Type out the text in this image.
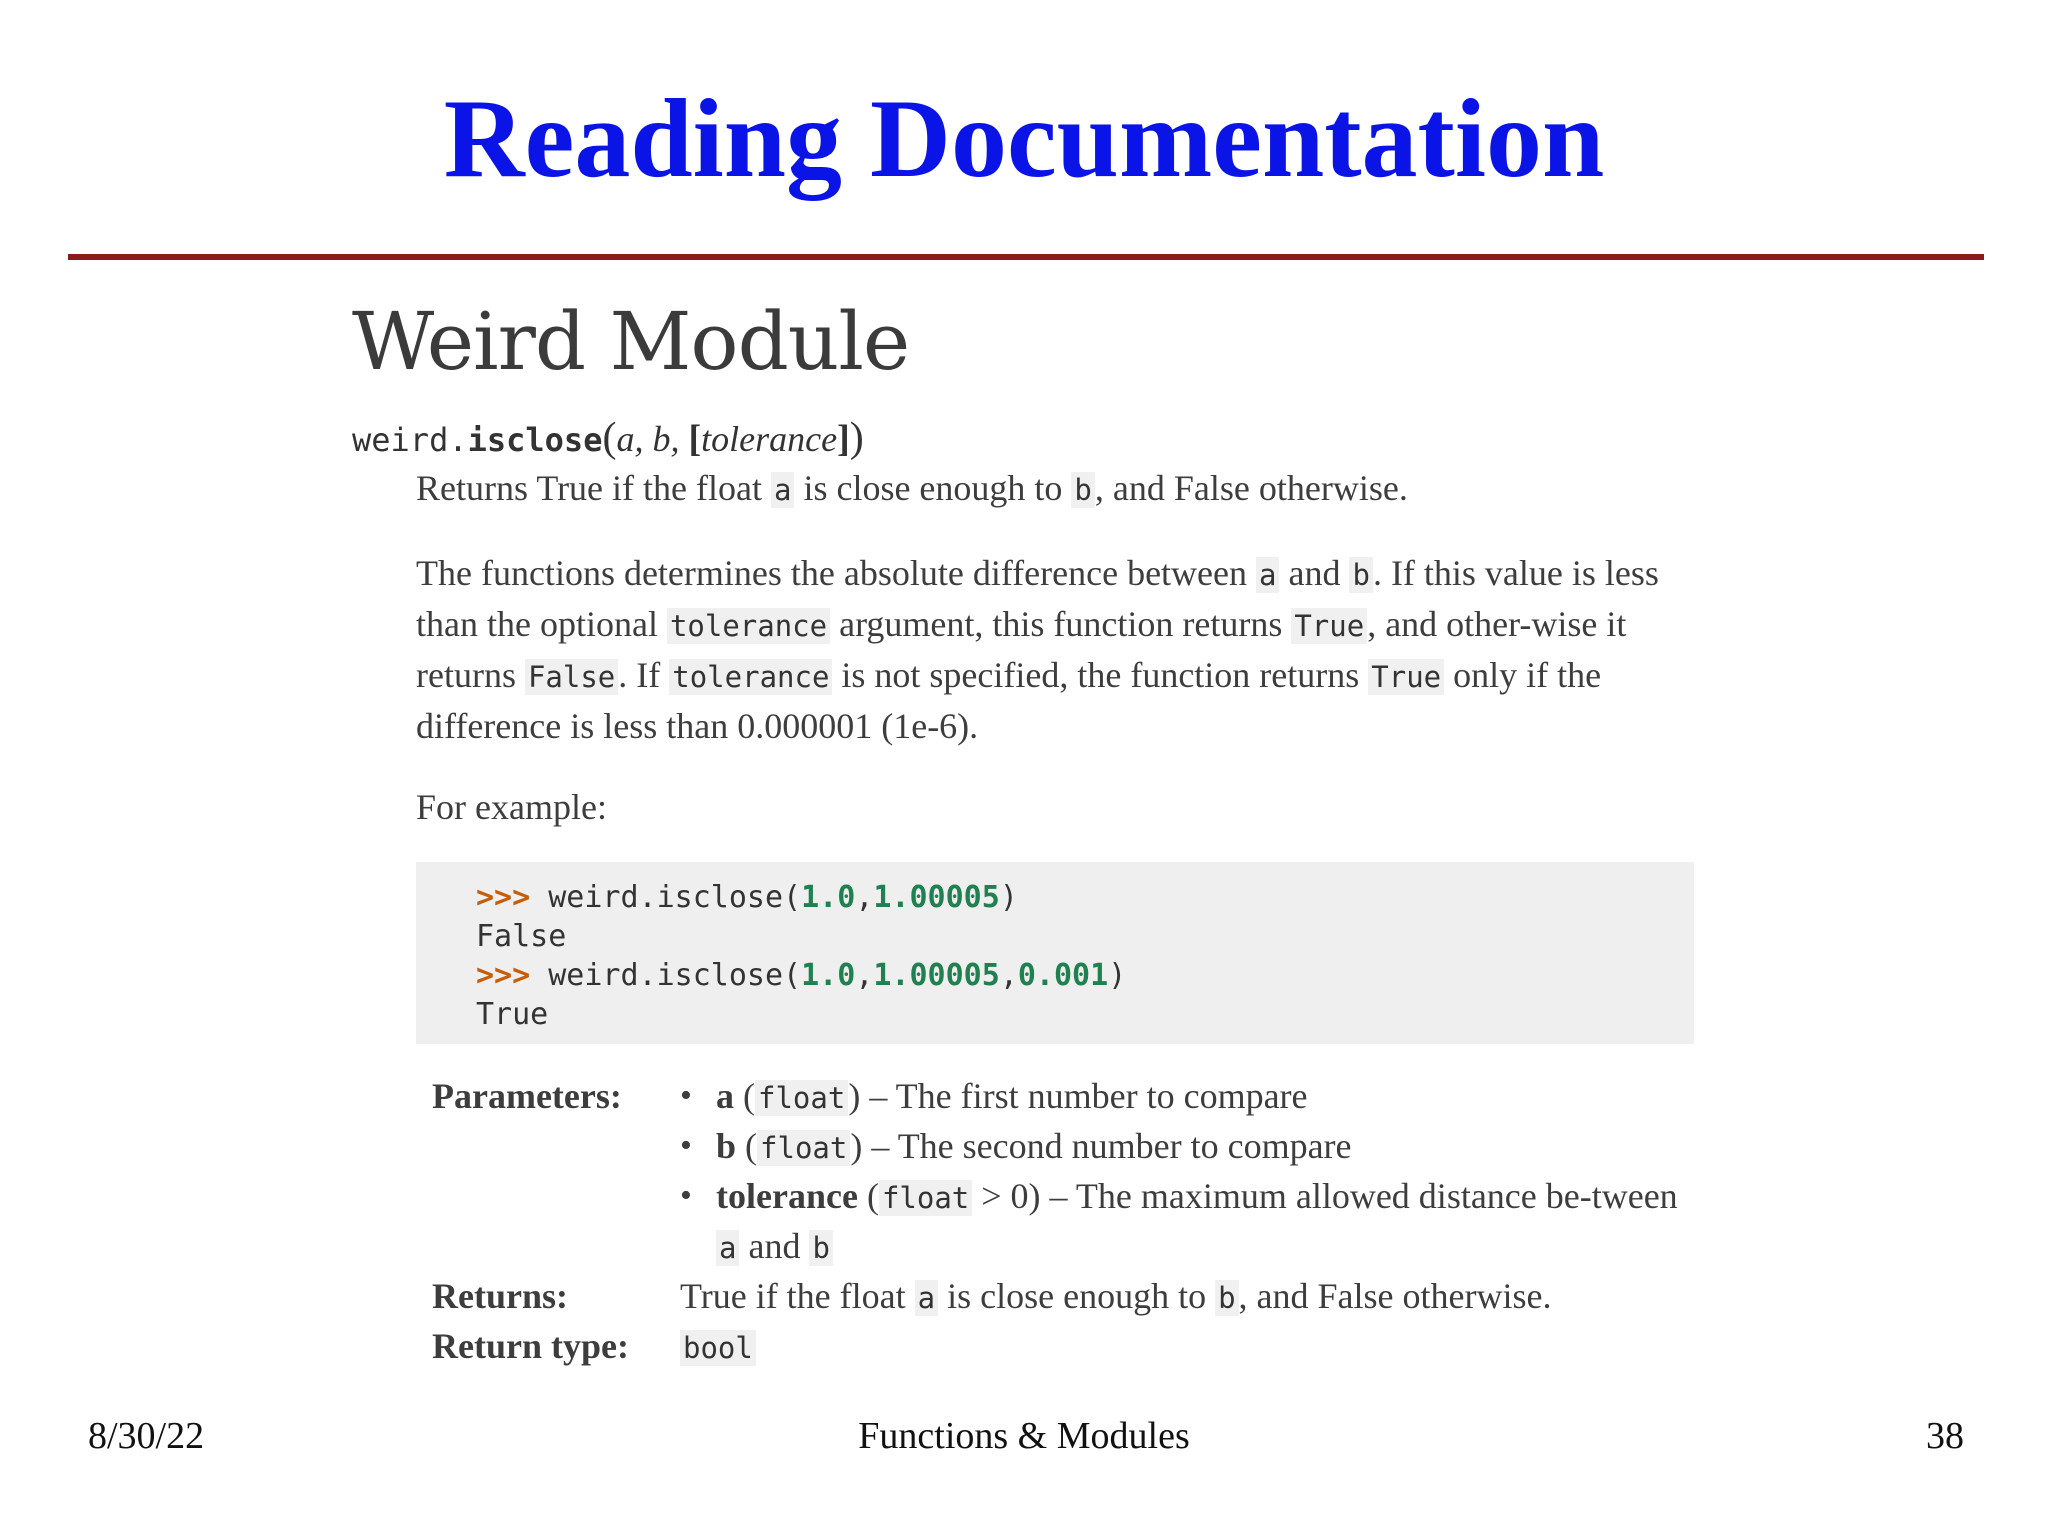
Reading Documentation
Weird Module
weird.isclose(a, b, [tolerance])

Returns True if the float a is close enough to b, and False otherwise.

The functions determines the absolute difference between a and b. If this value is less than the optional tolerance argument, this function returns True, and other-wise it returns False. If tolerance is not specified, the function returns True only if the difference is less than 0.000001 (1e-6).

For example:

>>> weird.isclose(1.0,1.00005)
False
>>> weird.isclose(1.0,1.00005,0.001)
True
Parameters:
•	a ( float) – The first number to compare
• b ( float) – The second number to compare
• tolerance ( float > 0) – The maximum allowed distance be-tween a and b
Returns:	True if the float a is close enough to b, and False otherwise.
Return type:	bool
8/30/22	Functions & Modules	38
